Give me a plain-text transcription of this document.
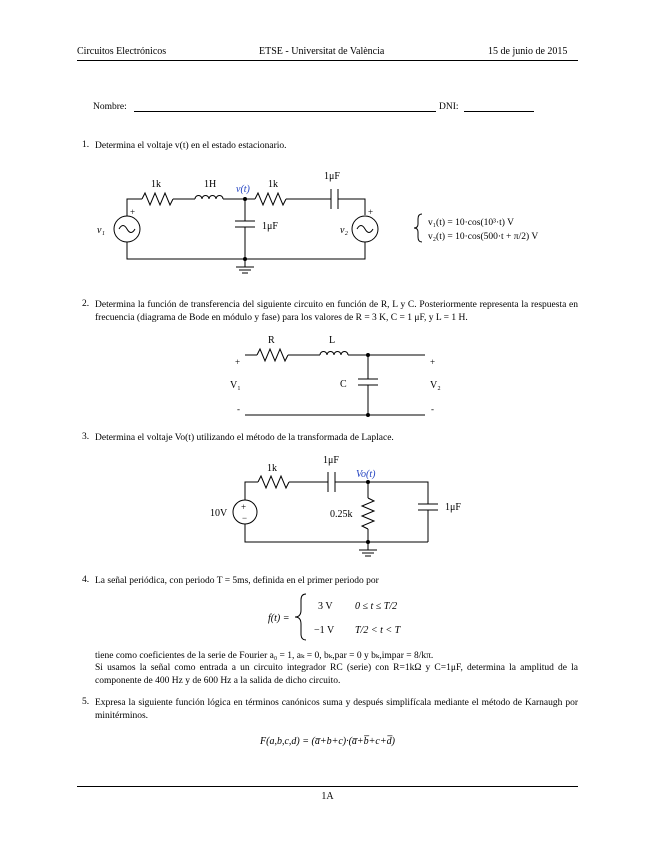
Circuitos Electrónicos	ETSE - Universitat de València	15 de junio de 2015
Nombre:	DNI:
1. Determina el voltaje v(t) en el estado estacionario.
+	+
1k	1H v(t) 1k
1μF
1μF
v₁	v₂
v₁(t) = 10·cos(10³·t) V
v₂(t) = 10·cos(500·t + π/2) V
2. Determina la función de transferencia del siguiente circuito en función de R, L y C. Posteriormente representa la respuesta en frecuencia (diagrama de Bode en módulo y fase) para los valores de R = 3 K, C = 1 μF, y L = 1 H.
+	+
-	-
R	L
C
V₁	V₂
3. Determina el voltaje Vo(t) utilizando el método de la transformada de Laplace.
+
−
10V
1k
1μF
Vo(t)
0.25k
1μF
4. La señal periódica, con periodo T = 5ms, definida en el primer periodo por
f(t) =
3 V 0 ≤ t ≤ T/2
−1 V T/2 < t < T
tiene como coeficientes de la serie de Fourier a₀ = 1, aₖ = 0, bₖ,par = 0 y bₖ,impar = 8/kπ.
Si usamos la señal como entrada a un circuito integrador RC (serie) con R=1kΩ y C=1μF, determina la amplitud de la componente de 400 Hz y de 600 Hz a la salida de dicho circuito.
5. Expresa la siguiente función lógica en términos canónicos suma y después simplifícala mediante el método de Karnaugh por minitérminos.
F(a,b,c,d) = (a̅+b+c)·(a̅+b̅+c+d̅)
1A
